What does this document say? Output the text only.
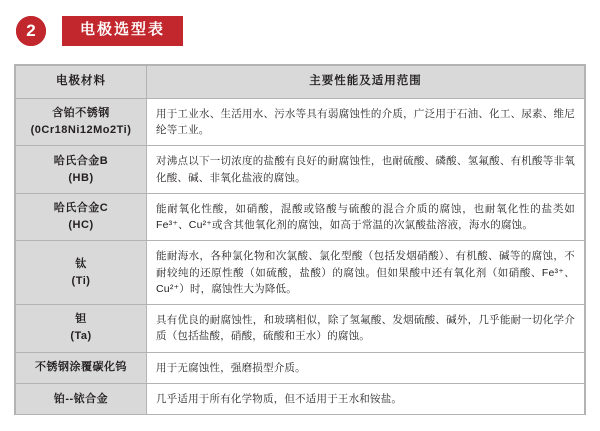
2	电极选型表
电极材料	主要性能及适用范围

含铂不锈钢
(0Cr18Ni12Mo2Ti)	用于工业水、生活用水、污水等具有弱腐蚀性的介质，广泛用于石油、化工、尿素、维尼纶等工业。

哈氏合金B
(HB)	对沸点以下一切浓度的盐酸有良好的耐腐蚀性，也耐硫酸、磷酸、氢氟酸、有机酸等非氧化酸、碱、非氧化盐液的腐蚀。

哈氏合金C
(HC)	能耐氧化性酸，如硝酸，混酸或铬酸与硫酸的混合介质的腐蚀，也耐氧化性的盐类如Fe³⁺、Cu²⁺或含其他氧化剂的腐蚀，如高于常温的次氯酸盐溶液，海水的腐蚀。

钛
(Ti)	能耐海水，各种氯化物和次氯酸、氯化型酸（包括发烟硝酸）、有机酸、碱等的腐蚀，不耐较纯的还原性酸（如硫酸，盐酸）的腐蚀。但如果酸中还有氧化剂（如硝酸、Fe³⁺、Cu²⁺）时，腐蚀性大为降低。

钽
(Ta)	具有优良的耐腐蚀性，和玻璃相似，除了氢氟酸、发烟硫酸、碱外，几乎能耐一切化学介质（包括盐酸，硝酸，硫酸和王水）的腐蚀。

不锈钢涂覆碳化钨	用于无腐蚀性，强磨损型介质。

铂--铱合金	几乎适用于所有化学物质，但不适用于王水和铵盐。
